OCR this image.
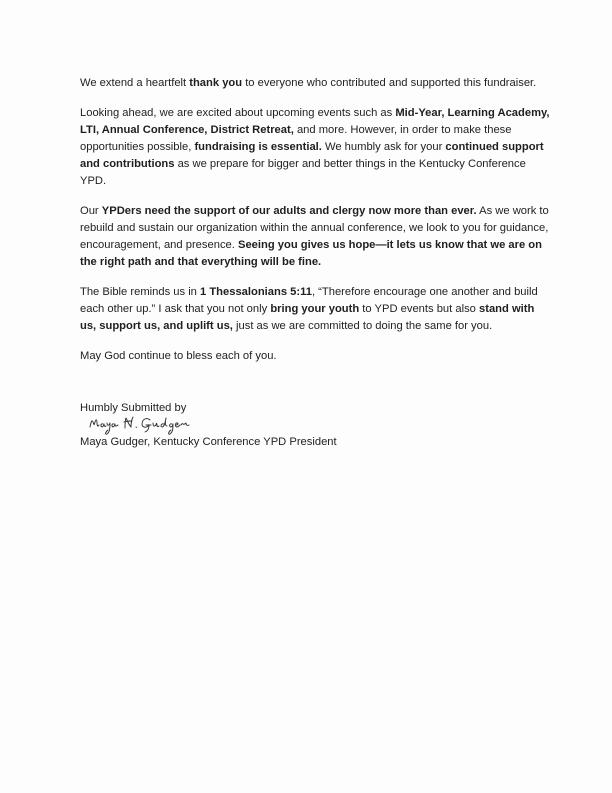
We extend a heartfelt thank you to everyone who contributed and supported this fundraiser.

Looking ahead, we are excited about upcoming events such as Mid-Year, Learning Academy, LTI, Annual Conference, District Retreat, and more. However, in order to make these opportunities possible, fundraising is essential. We humbly ask for your continued support and contributions as we prepare for bigger and better things in the Kentucky Conference YPD.

Our YPDers need the support of our adults and clergy now more than ever. As we work to rebuild and sustain our organization within the annual conference, we look to you for guidance, encouragement, and presence. Seeing you gives us hope—it lets us know that we are on the right path and that everything will be fine.

The Bible reminds us in 1 Thessalonians 5:11, “Therefore encourage one another and build each other up.” I ask that you not only bring your youth to YPD events but also stand with us, support us, and uplift us, just as we are committed to doing the same for you.

May God continue to bless each of you.

Humbly Submitted by

Maya Gudger, Kentucky Conference YPD President
